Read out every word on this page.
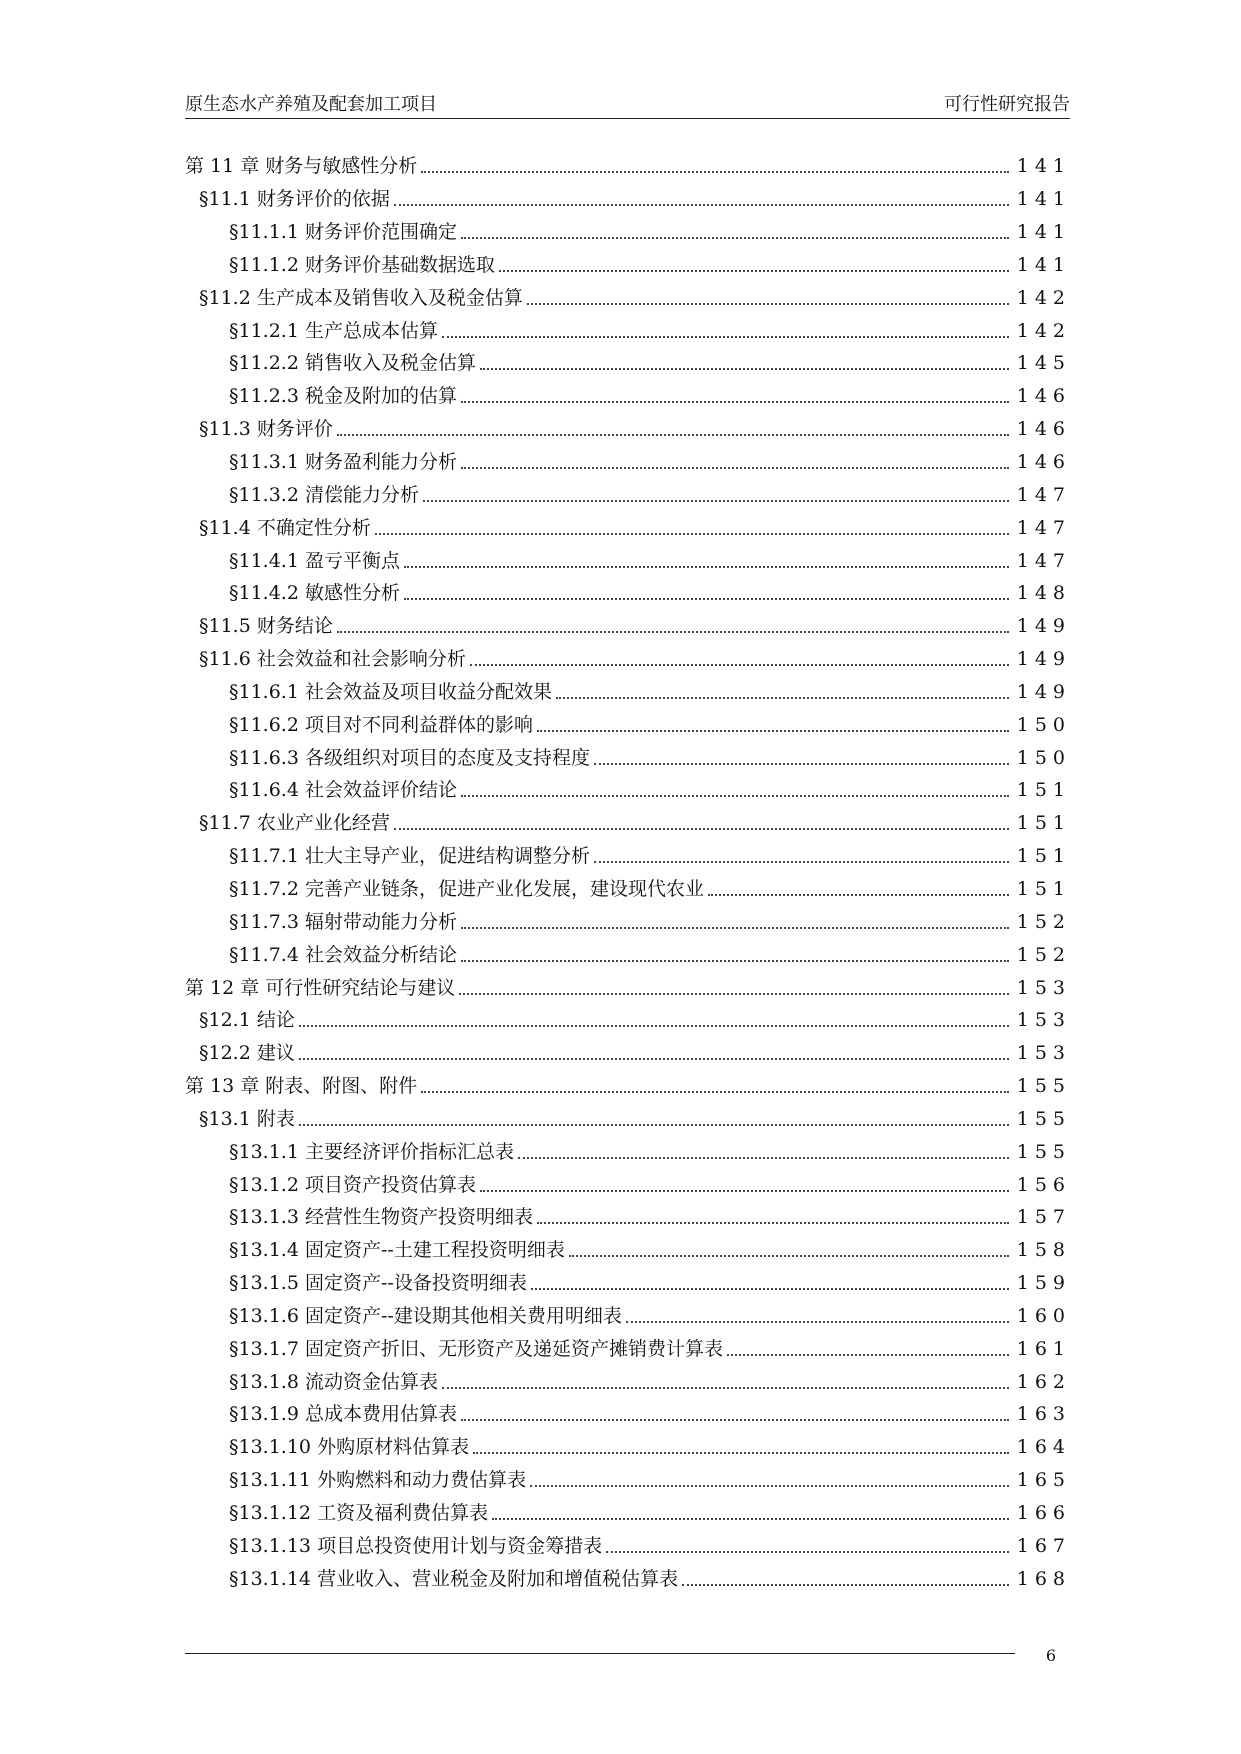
原生态水产养殖及配套加工项目	可行性研究报告
第 11 章 财务与敏感性分析	141
§11.1 财务评价的依据	141
§11.1.1 财务评价范围确定	141
§11.1.2 财务评价基础数据选取	141
§11.2 生产成本及销售收入及税金估算	142
§11.2.1 生产总成本估算	142
§11.2.2 销售收入及税金估算	145
§11.2.3 税金及附加的估算	146
§11.3 财务评价	146
§11.3.1 财务盈利能力分析	146
§11.3.2 清偿能力分析	147
§11.4 不确定性分析	147
§11.4.1 盈亏平衡点	147
§11.4.2 敏感性分析	148
§11.5 财务结论	149
§11.6 社会效益和社会影响分析	149
§11.6.1 社会效益及项目收益分配效果	149
§11.6.2 项目对不同利益群体的影响	150
§11.6.3 各级组织对项目的态度及支持程度	150
§11.6.4 社会效益评价结论	151
§11.7 农业产业化经营	151
§11.7.1 壮大主导产业，促进结构调整分析	151
§11.7.2 完善产业链条，促进产业化发展，建设现代农业	151
§11.7.3 辐射带动能力分析	152
§11.7.4 社会效益分析结论	152
第 12 章 可行性研究结论与建议	153
§12.1 结论	153
§12.2 建议	153
第 13 章 附表、附图、附件	155
§13.1 附表	155
§13.1.1 主要经济评价指标汇总表	155
§13.1.2 项目资产投资估算表	156
§13.1.3 经营性生物资产投资明细表	157
§13.1.4 固定资产--土建工程投资明细表	158
§13.1.5 固定资产--设备投资明细表	159
§13.1.6 固定资产--建设期其他相关费用明细表	160
§13.1.7 固定资产折旧、无形资产及递延资产摊销费计算表	161
§13.1.8 流动资金估算表	162
§13.1.9 总成本费用估算表	163
§13.1.10 外购原材料估算表	164
§13.1.11 外购燃料和动力费估算表	165
§13.1.12 工资及福利费估算表	166
§13.1.13 项目总投资使用计划与资金筹措表	167
§13.1.14 营业收入、营业税金及附加和增值税估算表	168
6
